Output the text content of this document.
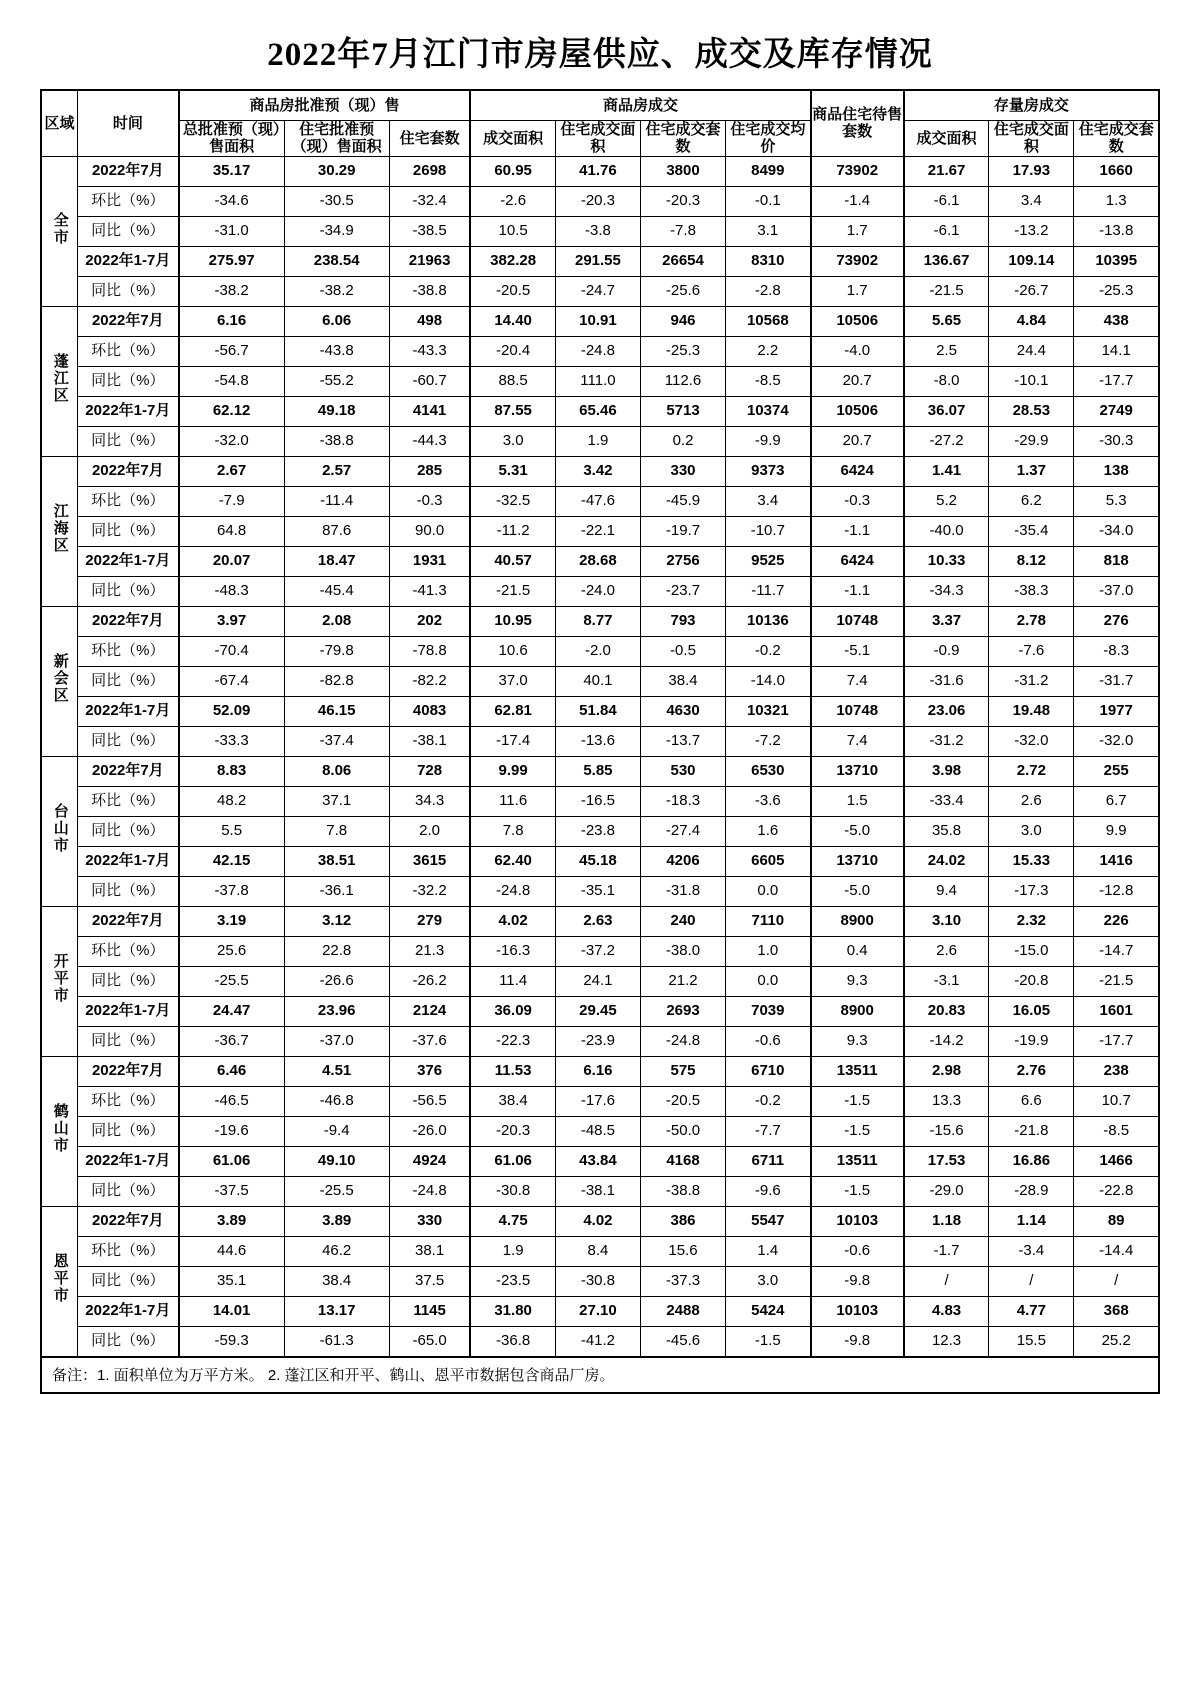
2022年7月江门市房屋供应、成交及库存情况
区域	时间	商品房批准预（现）售			商品房成交				商品住宅待售套数	存量房成交		
		总批准预（现）售面积	住宅批准预（现）售面积	住宅套数	成交面积	住宅成交面积	住宅成交套数	住宅成交均价		成交面积	住宅成交面积	住宅成交套数
全市	2022年7月	35.17	30.29	2698	60.95	41.76	3800	8499	73902	21.67	17.93	1660
	环比（%）	-34.6	-30.5	-32.4	-2.6	-20.3	-20.3	-0.1	-1.4	-6.1	3.4	1.3
	同比（%）	-31.0	-34.9	-38.5	10.5	-3.8	-7.8	3.1	1.7	-6.1	-13.2	-13.8
	2022年1-7月	275.97	238.54	21963	382.28	291.55	26654	8310	73902	136.67	109.14	10395
	同比（%）	-38.2	-38.2	-38.8	-20.5	-24.7	-25.6	-2.8	1.7	-21.5	-26.7	-25.3
蓬江区	2022年7月	6.16	6.06	498	14.40	10.91	946	10568	10506	5.65	4.84	438
	环比（%）	-56.7	-43.8	-43.3	-20.4	-24.8	-25.3	2.2	-4.0	2.5	24.4	14.1
	同比（%）	-54.8	-55.2	-60.7	88.5	111.0	112.6	-8.5	20.7	-8.0	-10.1	-17.7
	2022年1-7月	62.12	49.18	4141	87.55	65.46	5713	10374	10506	36.07	28.53	2749
	同比（%）	-32.0	-38.8	-44.3	3.0	1.9	0.2	-9.9	20.7	-27.2	-29.9	-30.3
江海区	2022年7月	2.67	2.57	285	5.31	3.42	330	9373	6424	1.41	1.37	138
	环比（%）	-7.9	-11.4	-0.3	-32.5	-47.6	-45.9	3.4	-0.3	5.2	6.2	5.3
	同比（%）	64.8	87.6	90.0	-11.2	-22.1	-19.7	-10.7	-1.1	-40.0	-35.4	-34.0
	2022年1-7月	20.07	18.47	1931	40.57	28.68	2756	9525	6424	10.33	8.12	818
	同比（%）	-48.3	-45.4	-41.3	-21.5	-24.0	-23.7	-11.7	-1.1	-34.3	-38.3	-37.0
新会区	2022年7月	3.97	2.08	202	10.95	8.77	793	10136	10748	3.37	2.78	276
	环比（%）	-70.4	-79.8	-78.8	10.6	-2.0	-0.5	-0.2	-5.1	-0.9	-7.6	-8.3
	同比（%）	-67.4	-82.8	-82.2	37.0	40.1	38.4	-14.0	7.4	-31.6	-31.2	-31.7
	2022年1-7月	52.09	46.15	4083	62.81	51.84	4630	10321	10748	23.06	19.48	1977
	同比（%）	-33.3	-37.4	-38.1	-17.4	-13.6	-13.7	-7.2	7.4	-31.2	-32.0	-32.0
台山市	2022年7月	8.83	8.06	728	9.99	5.85	530	6530	13710	3.98	2.72	255
	环比（%）	48.2	37.1	34.3	11.6	-16.5	-18.3	-3.6	1.5	-33.4	2.6	6.7
	同比（%）	5.5	7.8	2.0	7.8	-23.8	-27.4	1.6	-5.0	35.8	3.0	9.9
	2022年1-7月	42.15	38.51	3615	62.40	45.18	4206	6605	13710	24.02	15.33	1416
	同比（%）	-37.8	-36.1	-32.2	-24.8	-35.1	-31.8	0.0	-5.0	9.4	-17.3	-12.8
开平市	2022年7月	3.19	3.12	279	4.02	2.63	240	7110	8900	3.10	2.32	226
	环比（%）	25.6	22.8	21.3	-16.3	-37.2	-38.0	1.0	0.4	2.6	-15.0	-14.7
	同比（%）	-25.5	-26.6	-26.2	11.4	24.1	21.2	0.0	9.3	-3.1	-20.8	-21.5
	2022年1-7月	24.47	23.96	2124	36.09	29.45	2693	7039	8900	20.83	16.05	1601
	同比（%）	-36.7	-37.0	-37.6	-22.3	-23.9	-24.8	-0.6	9.3	-14.2	-19.9	-17.7
鹤山市	2022年7月	6.46	4.51	376	11.53	6.16	575	6710	13511	2.98	2.76	238
	环比（%）	-46.5	-46.8	-56.5	38.4	-17.6	-20.5	-0.2	-1.5	13.3	6.6	10.7
	同比（%）	-19.6	-9.4	-26.0	-20.3	-48.5	-50.0	-7.7	-1.5	-15.6	-21.8	-8.5
	2022年1-7月	61.06	49.10	4924	61.06	43.84	4168	6711	13511	17.53	16.86	1466
	同比（%）	-37.5	-25.5	-24.8	-30.8	-38.1	-38.8	-9.6	-1.5	-29.0	-28.9	-22.8
恩平市	2022年7月	3.89	3.89	330	4.75	4.02	386	5547	10103	1.18	1.14	89
	环比（%）	44.6	46.2	38.1	1.9	8.4	15.6	1.4	-0.6	-1.7	-3.4	-14.4
	同比（%）	35.1	38.4	37.5	-23.5	-30.8	-37.3	3.0	-9.8	/	/	/
	2022年1-7月	14.01	13.17	1145	31.80	27.10	2488	5424	10103	4.83	4.77	368
	同比（%）	-59.3	-61.3	-65.0	-36.8	-41.2	-45.6	-1.5	-9.8	12.3	15.5	25.2
备注：1. 面积单位为万平方米。 2. 蓬江区和开平、鹤山、恩平市数据包含商品厂房。
